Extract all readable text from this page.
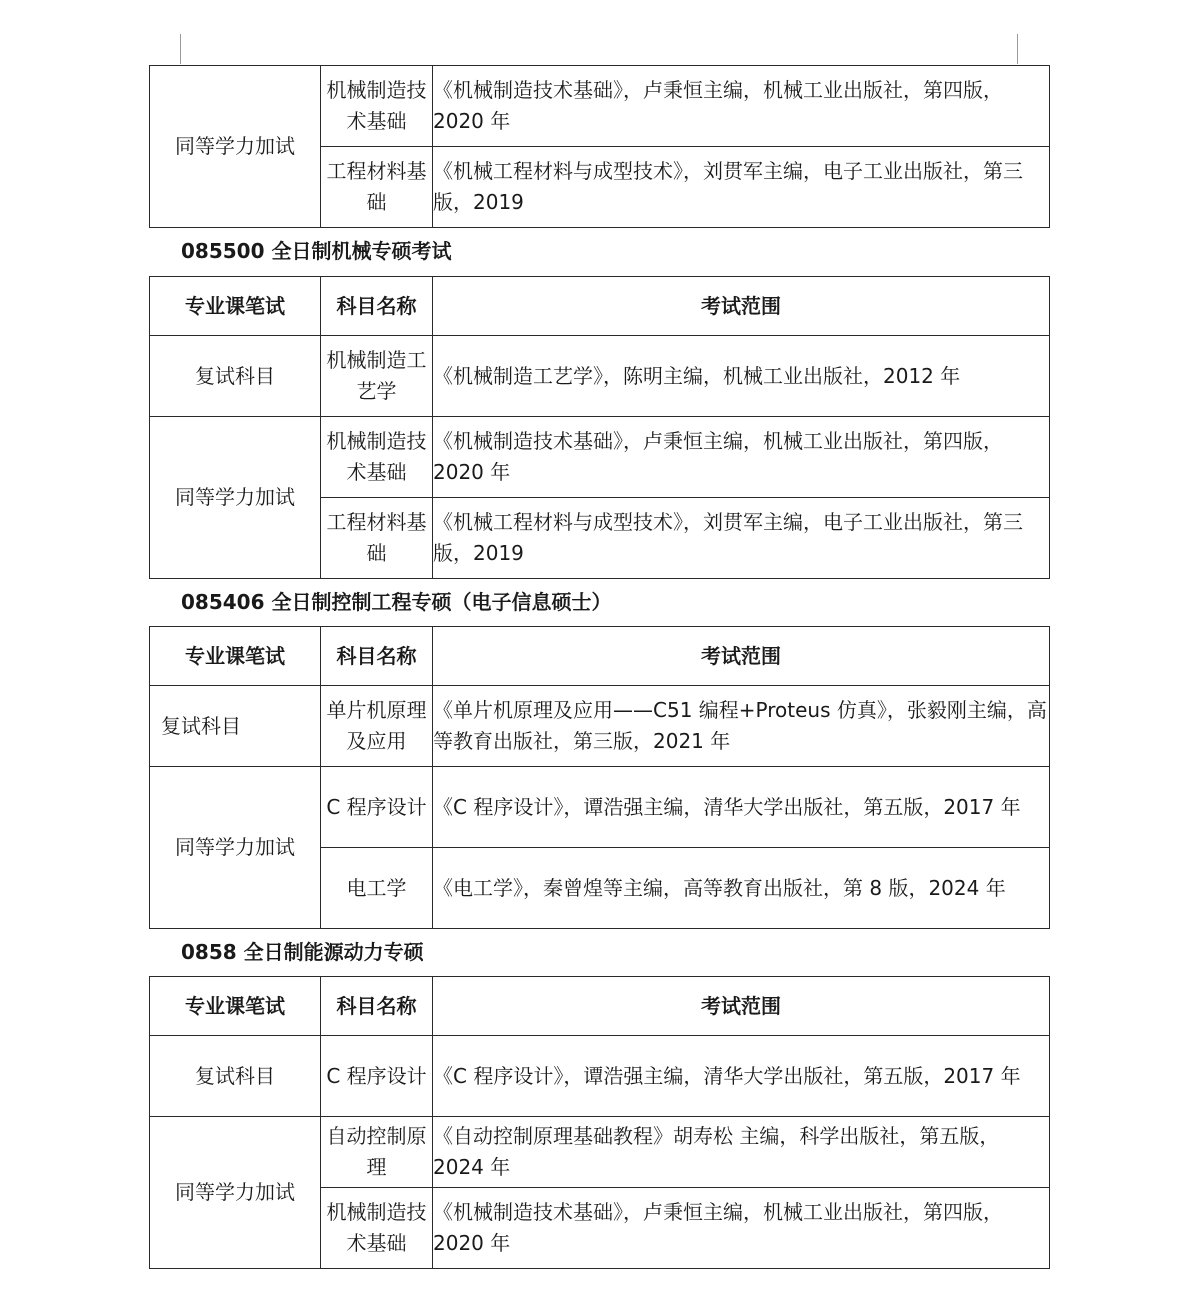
同等学力加试	机械制造技术基础	《机械制造技术基础》，卢秉恒主编，机械工业出版社，第四版，2020 年
	工程材料基础	《机械工程材料与成型技术》，刘贯军主编，电子工业出版社，第三版，2019
085500 全日制机械专硕考试
专业课笔试	科目名称	考试范围
复试科目	机械制造工艺学	《机械制造工艺学》，陈明主编，机械工业出版社，2012 年
同等学力加试	机械制造技术基础	《机械制造技术基础》，卢秉恒主编，机械工业出版社，第四版，2020 年
	工程材料基础	《机械工程材料与成型技术》，刘贯军主编，电子工业出版社，第三版，2019
085406 全日制控制工程专硕（电子信息硕士）
专业课笔试	科目名称	考试范围
复试科目	单片机原理及应用	《单片机原理及应用——C51 编程+Proteus 仿真》，张毅刚主编，高等教育出版社，第三版，2021 年
同等学力加试	C 程序设计	《C 程序设计》，谭浩强主编，清华大学出版社，第五版，2017 年
	电工学	《电工学》，秦曾煌等主编，高等教育出版社，第 8 版，2024 年
0858 全日制能源动力专硕
专业课笔试	科目名称	考试范围
复试科目	C 程序设计	《C 程序设计》，谭浩强主编，清华大学出版社，第五版，2017 年
同等学力加试	自动控制原理	《自动控制原理基础教程》胡寿松 主编，科学出版社，第五版，2024 年
	机械制造技术基础	《机械制造技术基础》，卢秉恒主编，机械工业出版社，第四版，2020 年
